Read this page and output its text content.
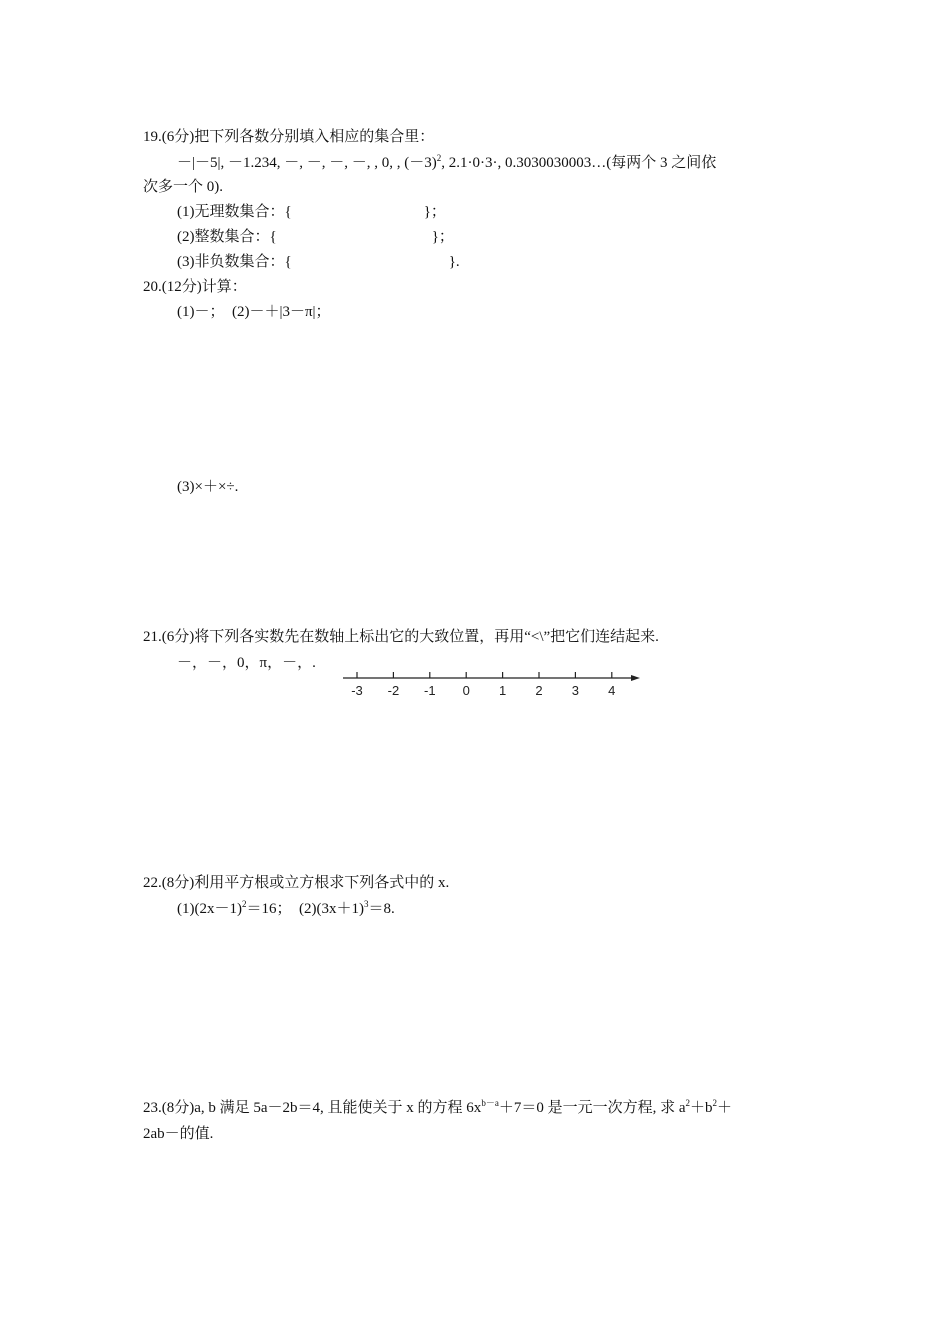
19.(6分)把下列各数分别填入相应的集合里：
－|－5|, －1.234, －, －, －, －, , 0, , $(-3)^2$, 2.1·0·3·, 0.3030030003…(每两个 3 之间依
次多一个 0).
(1)无理数集合：{	}；
(2)整数集合：{	}；
(3)非负数集合：{	}.
20.(12分)计算：
(1)－；　(2)－＋|3－π|；
(3)×＋×÷.
21.(6分)将下列各实数先在数轴上标出它的大致位置，再用“<\”把它们连结起来.
－，－，0，π，－，.
-3 -2 -1 0 1 2 3 4
22.(8分)利用平方根或立方根求下列各式中的 x.
$(1)(2x-1)^2=16$；　$(2)(3x+1)^3=8$.
23.(8分)a, b 满足 5a－2b＝4, 且能使关于 x 的方程 $6x^{b-a}+7=0$ 是一元一次方程, 求 $a^2+b^2+$
2ab－的值.
